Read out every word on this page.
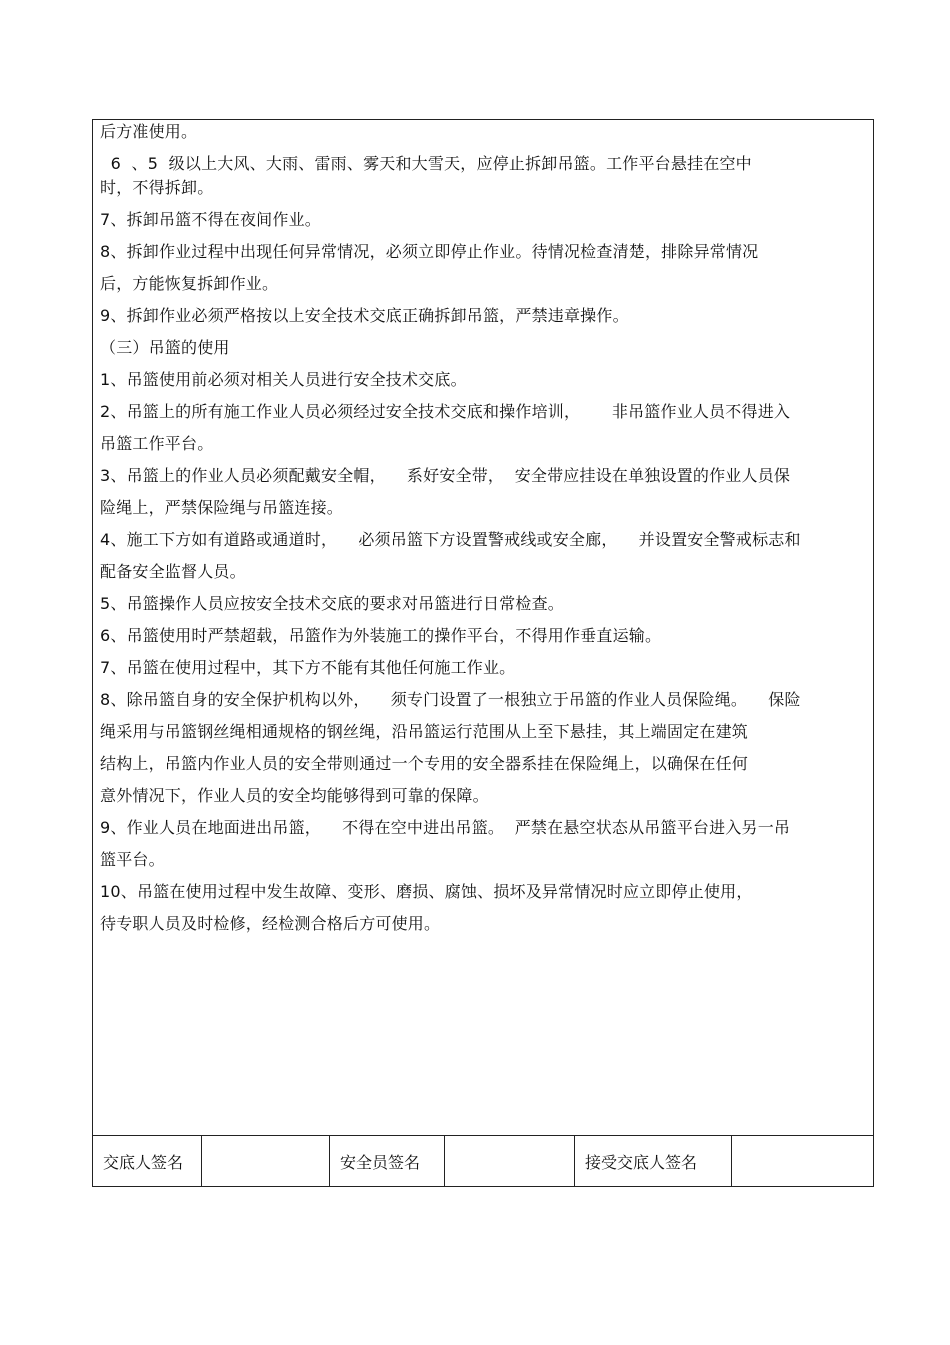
后方准使用。

6  、5  级以上大风、大雨、雷雨、雾天和大雪天，应停止拆卸吊篮。工作平台悬挂在空中

时，不得拆卸。

7、拆卸吊篮不得在夜间作业。

8、拆卸作业过程中出现任何异常情况，必须立即停止作业。待情况检查清楚，排除异常情况

后，方能恢复拆卸作业。

9、拆卸作业必须严格按以上安全技术交底正确拆卸吊篮，严禁违章操作。

（三）吊篮的使用

1、吊篮使用前必须对相关人员进行安全技术交底。

2、吊篮上的所有施工作业人员必须经过安全技术交底和操作培训，      非吊篮作业人员不得进入

吊篮工作平台。

3、吊篮上的作业人员必须配戴安全帽，    系好安全带，  安全带应挂设在单独设置的作业人员保

险绳上，严禁保险绳与吊篮连接。

4、施工下方如有道路或通道时，    必须吊篮下方设置警戒线或安全廊，    并设置安全警戒标志和

配备安全监督人员。

5、吊篮操作人员应按安全技术交底的要求对吊篮进行日常检查。

6、吊篮使用时严禁超载，吊篮作为外装施工的操作平台，不得用作垂直运输。

7、吊篮在使用过程中，其下方不能有其他任何施工作业。

8、除吊篮自身的安全保护机构以外，    须专门设置了一根独立于吊篮的作业人员保险绳。    保险

绳采用与吊篮钢丝绳相通规格的钢丝绳，沿吊篮运行范围从上至下悬挂，其上端固定在建筑

结构上，吊篮内作业人员的安全带则通过一个专用的安全器系挂在保险绳上，以确保在任何

意外情况下，作业人员的安全均能够得到可靠的保障。

9、作业人员在地面进出吊篮，    不得在空中进出吊篮。  严禁在悬空状态从吊篮平台进入另一吊

篮平台。

10、吊篮在使用过程中发生故障、变形、磨损、腐蚀、损坏及异常情况时应立即停止使用，

待专职人员及时检修，经检测合格后方可使用。

交底人签名	安全员签名	接受交底人签名
